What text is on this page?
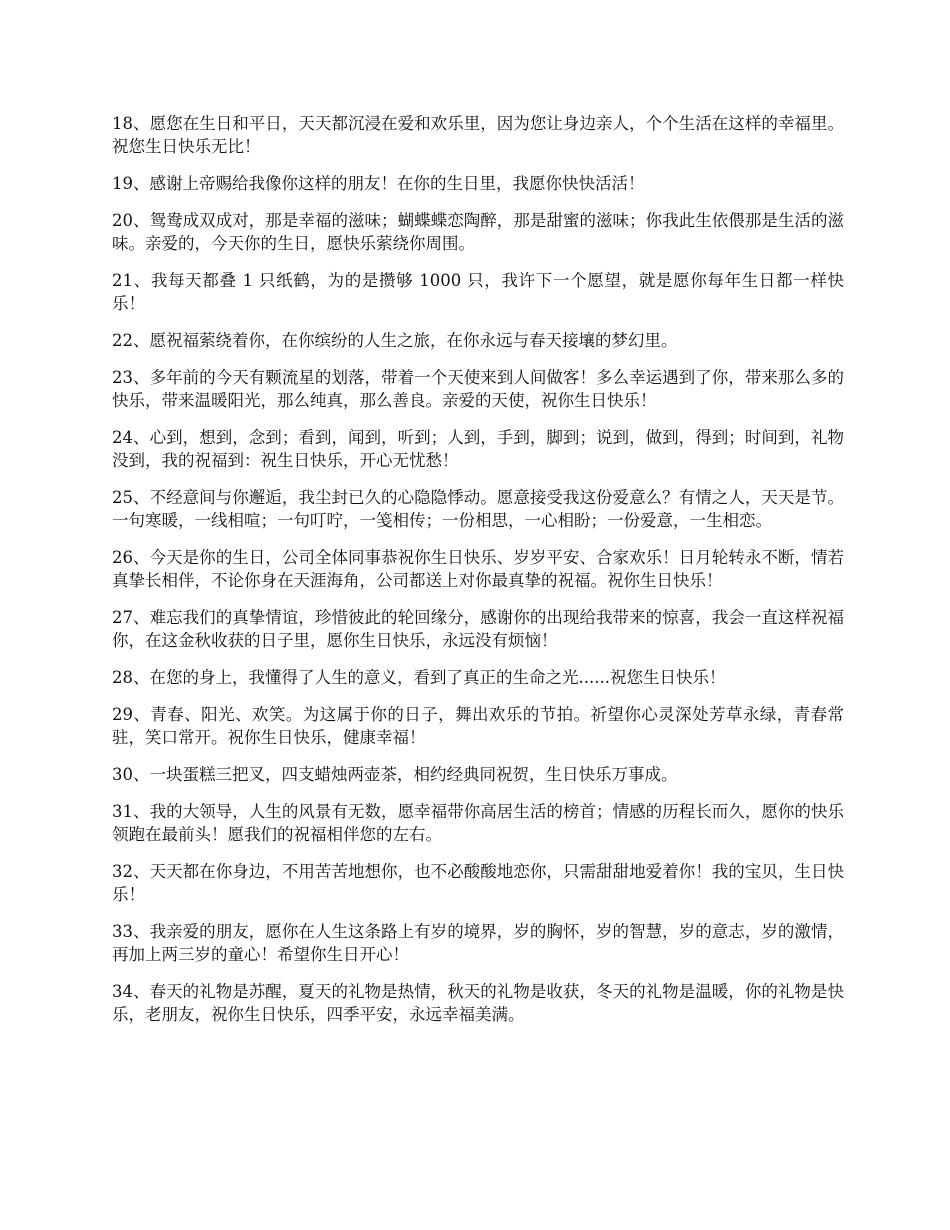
18、愿您在生日和平日，天天都沉浸在爱和欢乐里，因为您让身边亲人，个个生活在这样的幸福里。祝您生日快乐无比！

19、感谢上帝赐给我像你这样的朋友！在你的生日里，我愿你快快活活！

20、鸳鸯成双成对，那是幸福的滋味；蝴蝶蝶恋陶醉，那是甜蜜的滋味；你我此生依偎那是生活的滋味。亲爱的，今天你的生日，愿快乐萦绕你周围。

21、我每天都叠 1 只纸鹤，为的是攒够 1000 只，我许下一个愿望，就是愿你每年生日都一样快乐！

22、愿祝福萦绕着你，在你缤纷的人生之旅，在你永远与春天接壤的梦幻里。

23、多年前的今天有颗流星的划落，带着一个天使来到人间做客！多么幸运遇到了你，带来那么多的快乐，带来温暖阳光，那么纯真，那么善良。亲爱的天使，祝你生日快乐！

24、心到，想到，念到；看到，闻到，听到；人到，手到，脚到；说到，做到，得到；时间到，礼物没到，我的祝福到：祝生日快乐，开心无忧愁！

25、不经意间与你邂逅，我尘封已久的心隐隐悸动。愿意接受我这份爱意么？有情之人，天天是节。一句寒暖，一线相喧；一句叮咛，一笺相传；一份相思，一心相盼；一份爱意，一生相恋。

26、今天是你的生日，公司全体同事恭祝你生日快乐、岁岁平安、合家欢乐！日月轮转永不断，情若真挚长相伴，不论你身在天涯海角，公司都送上对你最真挚的祝福。祝你生日快乐！

27、难忘我们的真挚情谊，珍惜彼此的轮回缘分，感谢你的出现给我带来的惊喜，我会一直这样祝福你，在这金秋收获的日子里，愿你生日快乐，永远没有烦恼！

28、在您的身上，我懂得了人生的意义，看到了真正的生命之光......祝您生日快乐！

29、青春、阳光、欢笑。为这属于你的日子，舞出欢乐的节拍。祈望你心灵深处芳草永绿，青春常驻，笑口常开。祝你生日快乐，健康幸福！

30、一块蛋糕三把叉，四支蜡烛两壶茶，相约经典同祝贺，生日快乐万事成。

31、我的大领导，人生的风景有无数，愿幸福带你高居生活的榜首；情感的历程长而久，愿你的快乐领跑在最前头！愿我们的祝福相伴您的左右。

32、天天都在你身边，不用苦苦地想你，也不必酸酸地恋你，只需甜甜地爱着你！我的宝贝，生日快乐！

33、我亲爱的朋友，愿你在人生这条路上有岁的境界，岁的胸怀，岁的智慧，岁的意志，岁的激情，再加上两三岁的童心！希望你生日开心！

34、春天的礼物是苏醒，夏天的礼物是热情，秋天的礼物是收获，冬天的礼物是温暖，你的礼物是快乐，老朋友，祝你生日快乐，四季平安，永远幸福美满。
